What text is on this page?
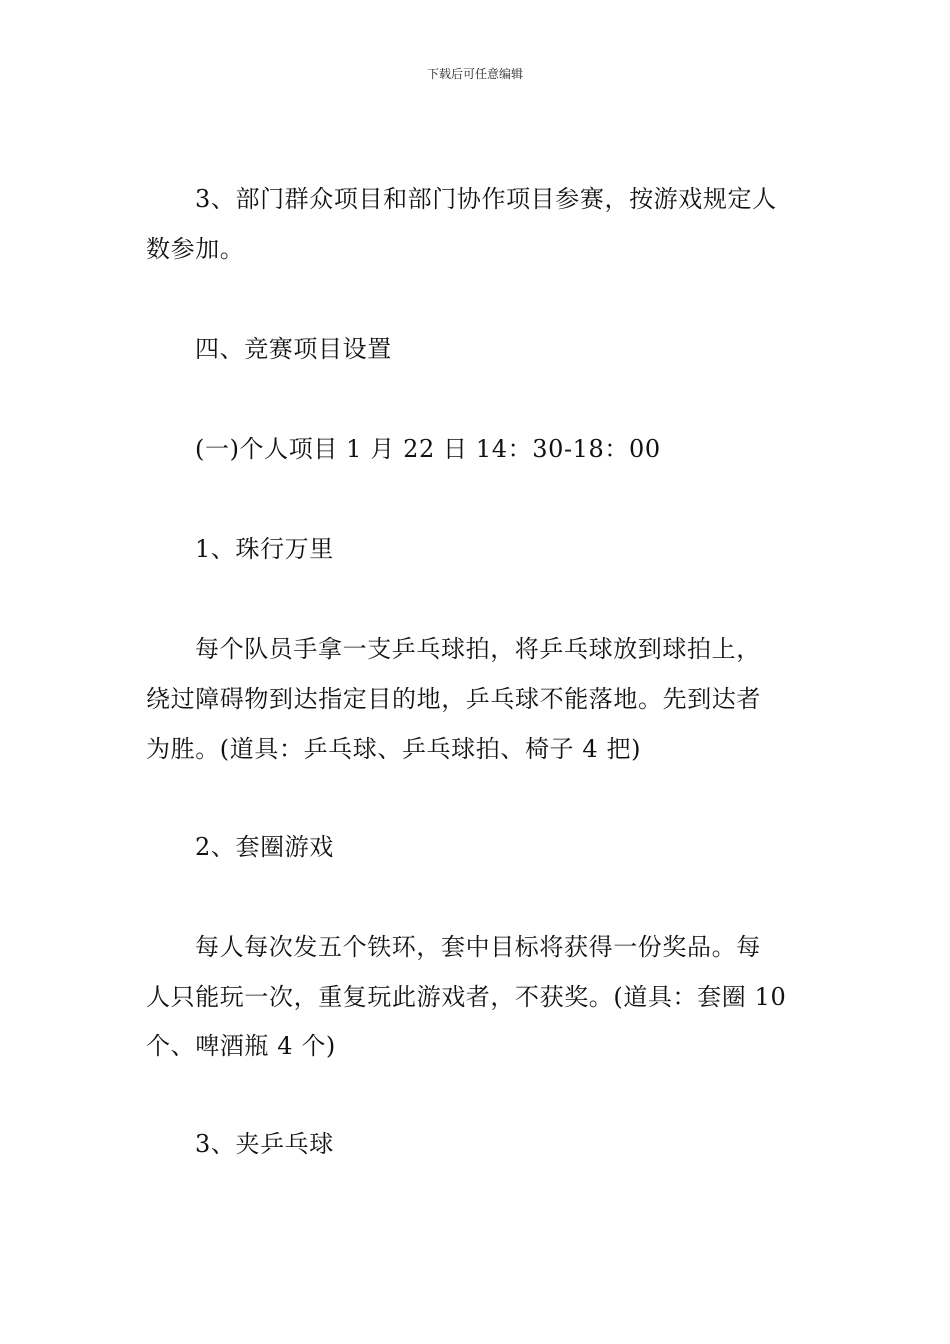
下载后可任意编辑
3、部门群众项目和部门协作项目参赛，按游戏规定人
数参加。
四、竞赛项目设置
(一)个人项目 1 月 22 日 14：30-18：00
1、珠行万里
每个队员手拿一支乒乓球拍，将乒乓球放到球拍上，
绕过障碍物到达指定目的地，乒乓球不能落地。先到达者
为胜。(道具：乒乓球、乒乓球拍、椅子 4 把)
2、套圈游戏
每人每次发五个铁环，套中目标将获得一份奖品。每
人只能玩一次，重复玩此游戏者，不获奖。(道具：套圈 10
个、啤酒瓶 4 个)
3、夹乒乓球
